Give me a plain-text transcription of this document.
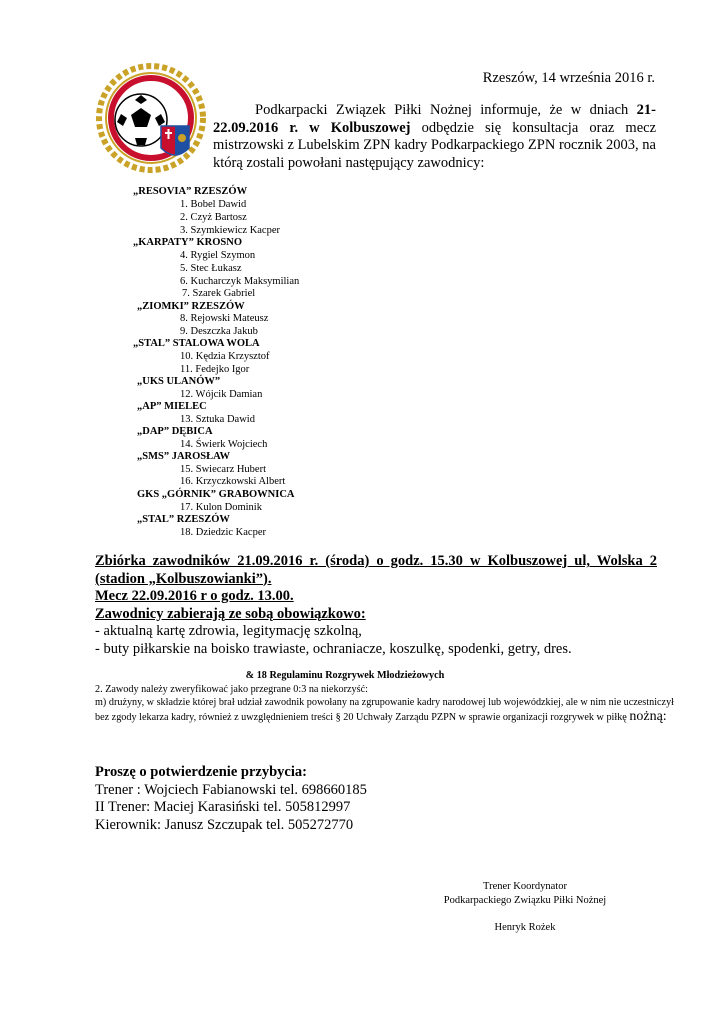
Rzeszów, 14 września 2016 r.
Podkarpacki Związek Piłki Nożnej informuje, że w dniach 21-22.09.2016 r. w Kolbuszowej odbędzie się konsultacja oraz mecz mistrzowski z Lubelskim ZPN kadry Podkarpackiego ZPN rocznik 2003, na którą zostali powołani następujący zawodnicy:
„RESOVIA” RZESZÓW
1. Bobel Dawid
2. Czyż Bartosz
3. Szymkiewicz Kacper
„KARPATY” KROSNO
4. Rygiel Szymon
5. Stec Łukasz
6. Kucharczyk Maksymilian
7. Szarek Gabriel
„ZIOMKI” RZESZÓW
8. Rejowski Mateusz
9. Deszczka Jakub
„STAL” STALOWA WOLA
10. Kędzia Krzysztof
11. Fedejko Igor
„UKS ULANÓW”
12. Wójcik Damian
„AP” MIELEC
13. Sztuka Dawid
„DAP” DĘBICA
14. Świerk Wojciech
„SMS” JAROSŁAW
15. Swiecarz Hubert
16. Krzyczkowski Albert
GKS „GÓRNIK” GRABOWNICA
17. Kulon Dominik
„STAL” RZESZÓW
18. Dziedzic Kacper
Zbiórka zawodników 21.09.2016 r. (środa) o godz. 15.30 w Kolbuszowej ul, Wolska 2
(stadion „Kolbuszowianki”).
Mecz 22.09.2016 r o godz. 13.00.
Zawodnicy zabierają ze sobą obowiązkowo:
- aktualną kartę zdrowia, legitymację szkolną,
- buty piłkarskie na boisko trawiaste, ochraniacze, koszulkę, spodenki, getry, dres.
& 18 Regulaminu Rozgrywek Młodzieżowych
2. Zawody należy zweryfikować jako przegrane 0:3 na niekorzyść:
m) drużyny, w składzie której brał udział zawodnik powołany na zgrupowanie kadry narodowej lub wojewódzkiej, ale w nim nie uczestniczył bez zgody lekarza kadry, również z uwzględnieniem treści § 20 Uchwały Zarządu PZPN w sprawie organizacji rozgrywek w piłkę nożną:
Proszę o potwierdzenie przybycia:
Trener : Wojciech Fabianowski tel. 698660185
II Trener: Maciej Karasiński tel. 505812997
Kierownik: Janusz Szczupak tel. 505272770
Trener Koordynator
Podkarpackiego Związku Piłki Nożnej
Henryk Rożek
